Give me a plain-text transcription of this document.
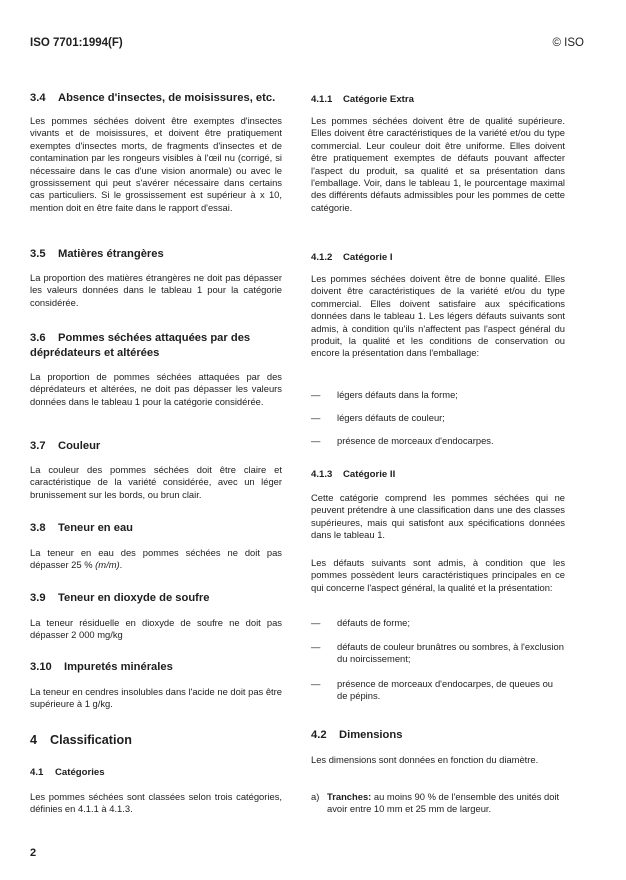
ISO 7701:1994(F)	© ISO
3.4 Absence d'insectes, de moisissures, etc.
Les pommes séchées doivent être exemptes d'insectes vivants et de moisissures, et doivent être pratiquement exemptes d'insectes morts, de fragments d'insectes et de contamination par les rongeurs visibles à l'œil nu (corrigé, si nécessaire dans le cas d'une vision anormale) ou avec le grossissement qui peut s'avérer nécessaire dans certains cas particuliers. Si le grossissement est supérieur à x 10, mention doit en être faite dans le rapport d'essai.
3.5 Matières étrangères
La proportion des matières étrangères ne doit pas dépasser les valeurs données dans le tableau 1 pour la catégorie considérée.
3.6 Pommes séchées attaquées par des
déprédateurs et altérées
La proportion de pommes séchées attaquées par des déprédateurs et altérées, ne doit pas dépasser les valeurs données dans le tableau 1 pour la catégorie considérée.
3.7 Couleur
La couleur des pommes séchées doit être claire et caractéristique de la variété considérée, avec un léger brunissement sur les bords, ou brun clair.
3.8 Teneur en eau
La teneur en eau des pommes séchées ne doit pas dépasser 25 % (m/m).
3.9 Teneur en dioxyde de soufre
La teneur résiduelle en dioxyde de soufre ne doit pas dépasser 2 000 mg/kg
3.10 Impuretés minérales
La teneur en cendres insolubles dans l'acide ne doit pas être supérieure à 1 g/kg.
4 Classification
4.1 Catégories
Les pommes séchées sont classées selon trois catégories, définies en 4.1.1 à 4.1.3.
4.1.1 Catégorie Extra
Les pommes séchées doivent être de qualité supérieure. Elles doivent être caractéristiques de la variété et/ou du type commercial. Leur couleur doit être uniforme. Elles doivent être pratiquement exemptes de défauts pouvant affecter l'aspect du produit, sa qualité et sa présentation dans l'emballage. Voir, dans le tableau 1, le pourcentage maximal des différents défauts admissibles pour les pommes de cette catégorie.
4.1.2 Catégorie I
Les pommes séchées doivent être de bonne qualité. Elles doivent être caractéristiques de la variété et/ou du type commercial. Elles doivent satisfaire aux spécifications données dans le tableau 1. Les légers défauts suivants sont admis, à condition qu'ils n'affectent pas l'aspect général du produit, la qualité et les conditions de conservation ou encore la présentation dans l'emballage:
— légers défauts dans la forme;
— légers défauts de couleur;
— présence de morceaux d'endocarpes.
4.1.3 Catégorie II
Cette catégorie comprend les pommes séchées qui ne peuvent prétendre à une classification dans une des classes supérieures, mais qui satisfont aux spécifications données dans le tableau 1.
Les défauts suivants sont admis, à condition que les pommes possèdent leurs caractéristiques principales en ce qui concerne l'aspect général, la qualité et la présentation:
— défauts de forme;
— défauts de couleur brunâtres ou sombres, à l'exclusion du noircissement;
— présence de morceaux d'endocarpes, de queues ou de pépins.
4.2 Dimensions
Les dimensions sont données en fonction du diamètre.
a) Tranches: au moins 90 % de l'ensemble des unités doit avoir entre 10 mm et 25 mm de largeur.
2
